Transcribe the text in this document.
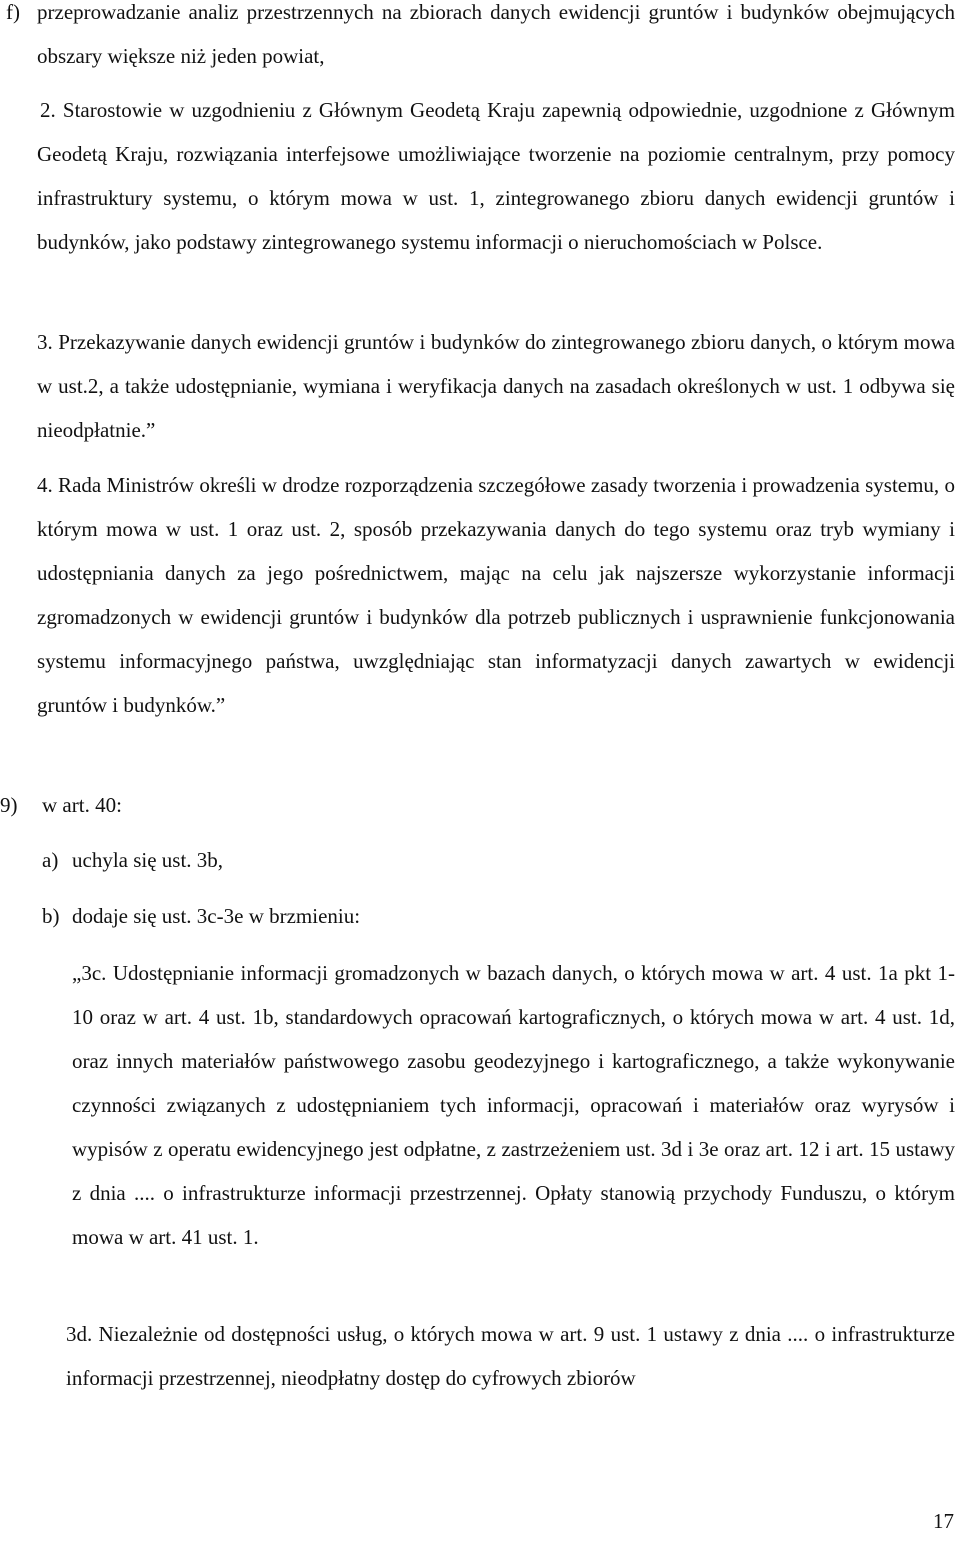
f) przeprowadzanie analiz przestrzennych na zbiorach danych ewidencji gruntów i budynków obejmujących obszary większe niż jeden powiat,
2. Starostowie w uzgodnieniu z Głównym Geodetą Kraju zapewnią odpowiednie, uzgodnione z Głównym Geodetą Kraju, rozwiązania interfejsowe umożliwiające tworzenie na poziomie centralnym, przy pomocy infrastruktury systemu, o którym mowa w ust. 1, zintegrowanego zbioru danych ewidencji gruntów i budynków, jako podstawy zintegrowanego systemu informacji o nieruchomościach w Polsce.
3. Przekazywanie danych ewidencji gruntów i budynków do zintegrowanego zbioru danych, o którym mowa w ust.2, a także udostępnianie, wymiana i weryfikacja danych na zasadach określonych w ust. 1 odbywa się nieodpłatnie.”
4. Rada Ministrów określi w drodze rozporządzenia szczegółowe zasady tworzenia i prowadzenia systemu, o którym mowa w ust. 1 oraz ust. 2, sposób przekazywania danych do tego systemu oraz tryb wymiany i udostępniania danych za jego pośrednictwem, mając na celu jak najszersze wykorzystanie informacji zgromadzonych w ewidencji gruntów i budynków dla potrzeb publicznych i usprawnienie funkcjonowania systemu informacyjnego państwa, uwzględniając stan informatyzacji danych zawartych w ewidencji gruntów i budynków.”
9) w art. 40:
a) uchyla się ust. 3b,
b) dodaje się ust. 3c-3e w brzmieniu:
„3c. Udostępnianie informacji gromadzonych w bazach danych, o których mowa w art. 4 ust. 1a pkt 1-10 oraz w art. 4 ust. 1b, standardowych opracowań kartograficznych, o których mowa w art. 4 ust. 1d, oraz innych materiałów państwowego zasobu geodezyjnego i kartograficznego, a także wykonywanie czynności związanych z udostępnianiem tych informacji, opracowań i materiałów oraz wyrysów i wypisów z operatu ewidencyjnego jest odpłatne, z zastrzeżeniem ust. 3d i 3e oraz art. 12 i art. 15 ustawy z dnia .... o infrastrukturze informacji przestrzennej. Opłaty stanowią przychody Funduszu, o którym mowa w art. 41 ust. 1.
3d. Niezależnie od dostępności usług, o których mowa w art. 9 ust. 1 ustawy z dnia .... o infrastrukturze informacji przestrzennej, nieodpłatny dostęp do cyfrowych zbiorów
17
